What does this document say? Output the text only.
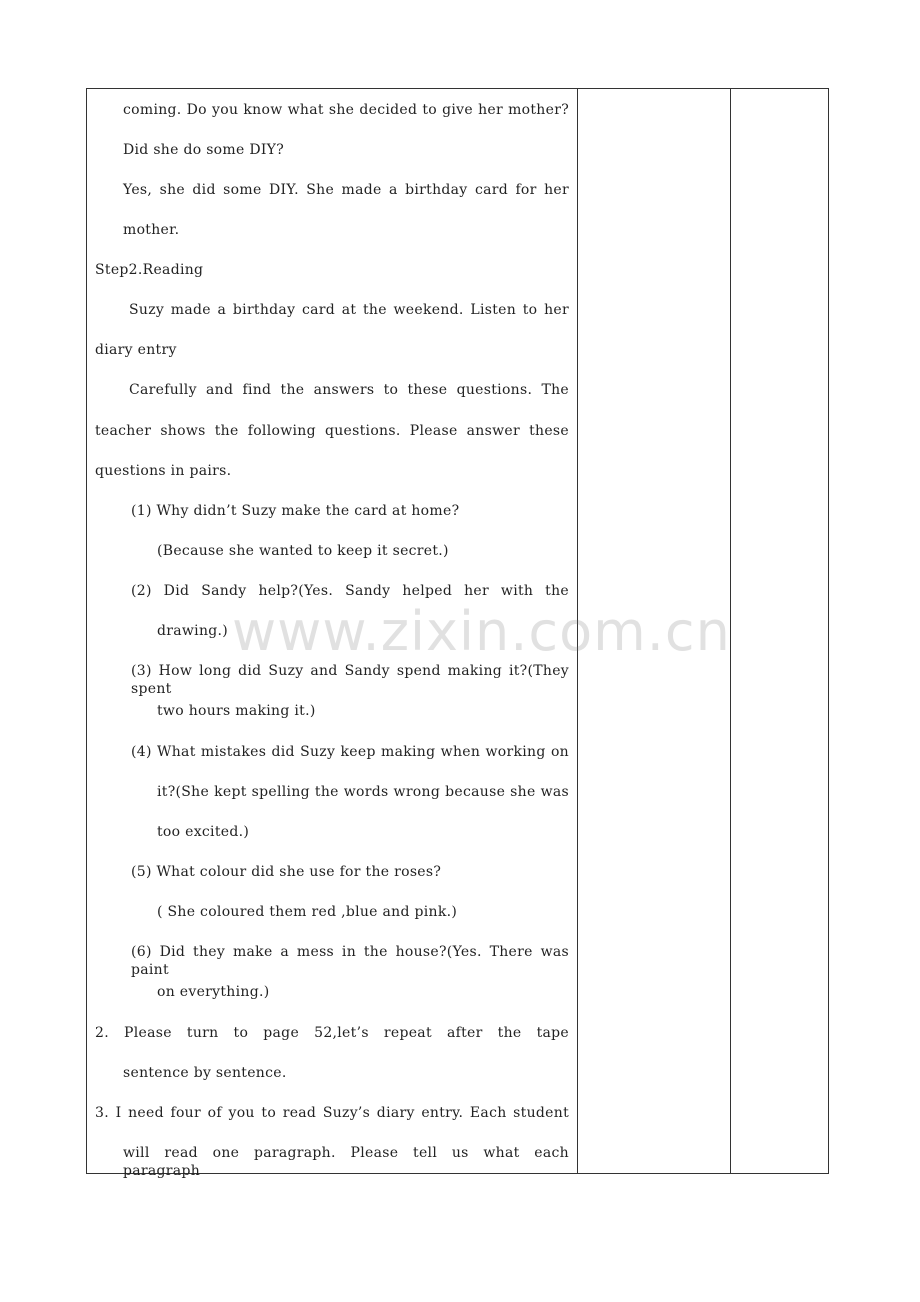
coming. Do you know what she decided to give her mother?
Did she do some DIY?
Yes, she did some DIY. She made a birthday card for her
mother.
Step2.Reading
Suzy made a birthday card at the weekend. Listen to her
diary entry
Carefully and find the answers to these questions. The
teacher shows the following questions. Please answer these
questions in pairs.
(1) Why didn’t Suzy make the card at home?
(Because she wanted to keep it secret.)
(2) Did Sandy help?(Yes. Sandy helped her with the
drawing.)
(3) How long did Suzy and Sandy spend making it?(They spent
two hours making it.)
(4) What mistakes did Suzy keep making when working on
it?(She kept spelling the words wrong because she was
too excited.)
(5) What colour did she use for the roses?
( She coloured them red ,blue and pink.)
(6) Did they make a mess in the house?(Yes. There was paint
on everything.)
2. Please turn to page 52,let’s repeat after the tape
sentence by sentence.
3. I need four of you to read Suzy’s diary entry. Each student
will read one paragraph. Please tell us what each paragraph
www.zixin.com.cn
